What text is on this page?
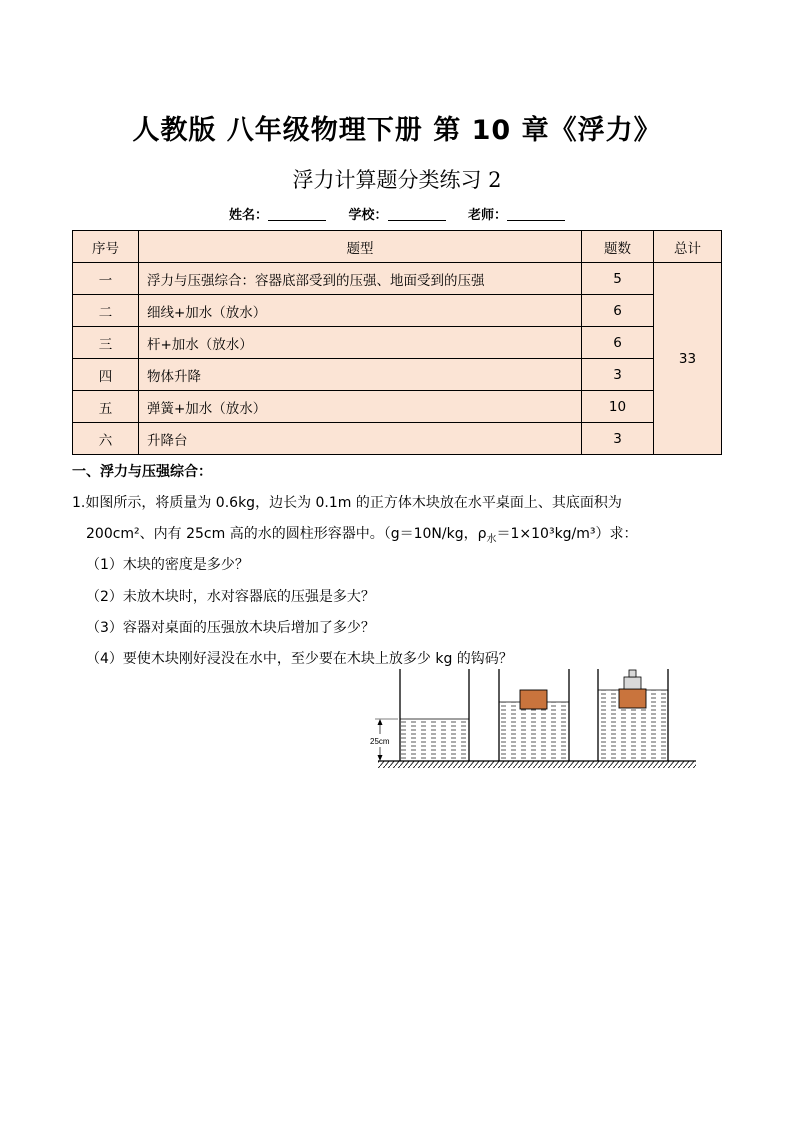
人教版 八年级物理下册 第 10 章《浮力》
浮力计算题分类练习 2
姓名：	学校：	老师：
序号	题型	题数	总计
一	浮力与压强综合：容器底部受到的压强、地面受到的压强	5	33
二	细线+加水（放水）	6	
三	杆+加水（放水）	6	
四	物体升降	3	
五	弹簧+加水（放水）	10	
六	升降台	3	
一、浮力与压强综合：
1.如图所示，将质量为 0.6kg，边长为 0.1m 的正方体木块放在水平桌面上、其底面积为
200cm²、内有 25cm 高的水的圆柱形容器中。（g＝10N/kg，$\rho_水=1\times 10^3kg/m^3$）求：
（1）木块的密度是多少？
（2）未放木块时，水对容器底的压强是多大？
（3）容器对桌面的压强放木块后增加了多少？
（4）要使木块刚好浸没在水中，至少要在木块上放多少 kg 的钩码？
25cm
